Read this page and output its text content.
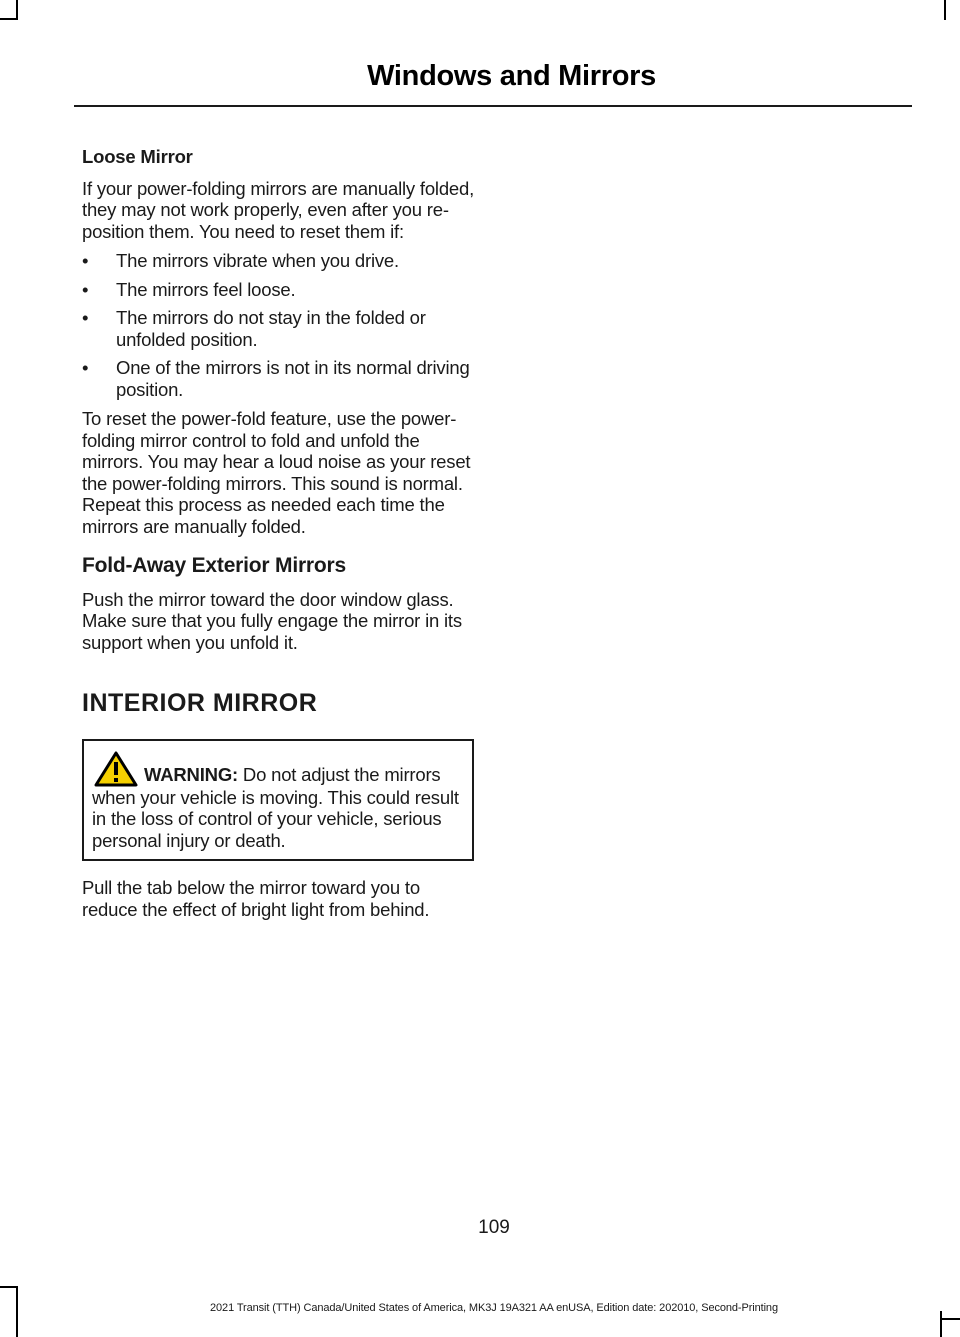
Windows and Mirrors
Loose Mirror

If your power-folding mirrors are manually folded, they may not work properly, even after you re-position them. You need to reset them if:

• The mirrors vibrate when you drive.
• The mirrors feel loose.
• The mirrors do not stay in the folded or unfolded position.
• One of the mirrors is not in its normal driving position.

To reset the power-fold feature, use the power-folding mirror control to fold and unfold the mirrors. You may hear a loud noise as your reset the power-folding mirrors. This sound is normal. Repeat this process as needed each time the mirrors are manually folded.

Fold-Away Exterior Mirrors

Push the mirror toward the door window glass. Make sure that you fully engage the mirror in its support when you unfold it.

INTERIOR MIRROR
WARNING: Do not adjust the mirrors when your vehicle is moving. This could result in the loss of control of your vehicle, serious personal injury or death.

Pull the tab below the mirror toward you to reduce the effect of bright light from behind.

109
2021 Transit (TTH) Canada/United States of America, MK3J 19A321 AA enUSA, Edition date: 202010, Second-Printing
